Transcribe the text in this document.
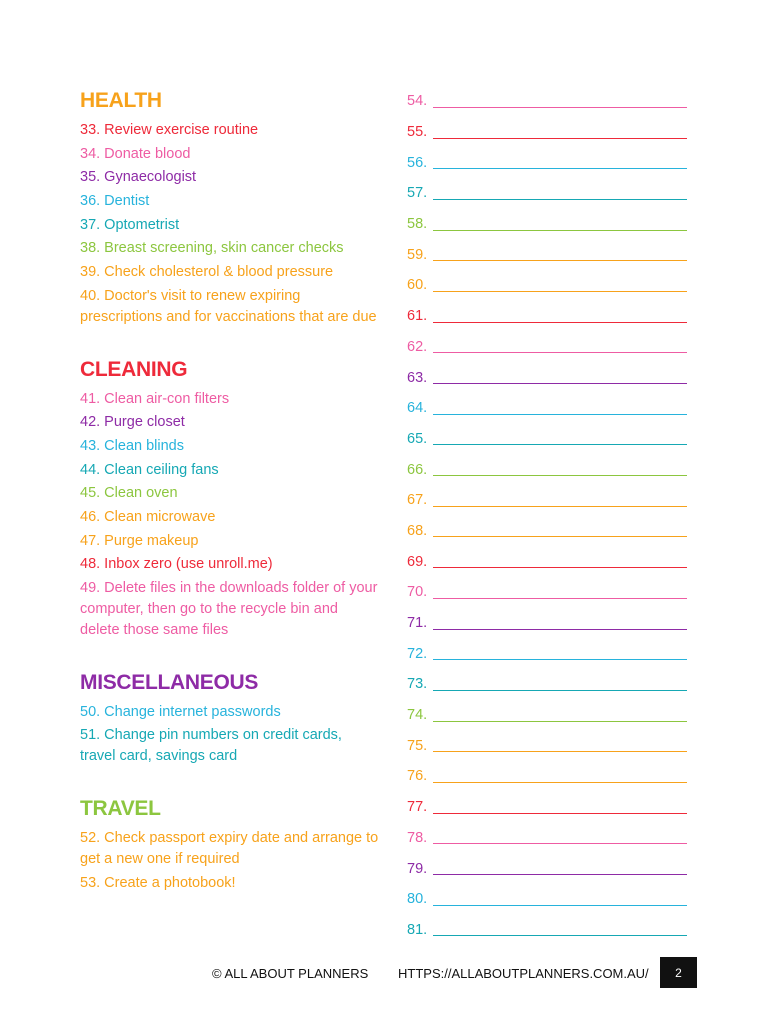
HEALTH
33. Review exercise routine
34. Donate blood
35. Gynaecologist
36. Dentist
37. Optometrist
38. Breast screening, skin cancer checks
39. Check cholesterol & blood pressure
40. Doctor's visit to renew expiring prescriptions and for vaccinations that are due
CLEANING
41. Clean air-con filters
42. Purge closet
43. Clean blinds
44. Clean ceiling fans
45. Clean oven
46. Clean microwave
47. Purge makeup
48. Inbox zero (use unroll.me)
49. Delete files in the downloads folder of your computer, then go to the recycle bin and delete those same files
MISCELLANEOUS
50. Change internet passwords
51. Change pin numbers on credit cards, travel card, savings card
TRAVEL
52. Check passport expiry date and arrange to get a new one if required
53. Create a photobook!
54.
55.
56.
57.
58.
59.
60.
61.
62.
63.
64.
65.
66.
67.
68.
69.
70.
71.
72.
73.
74.
75.
76.
77.
78.
79.
80.
81.
© ALL ABOUT PLANNERS HTTPS://ALLABOUTPLANNERS.COM.AU/ 2
